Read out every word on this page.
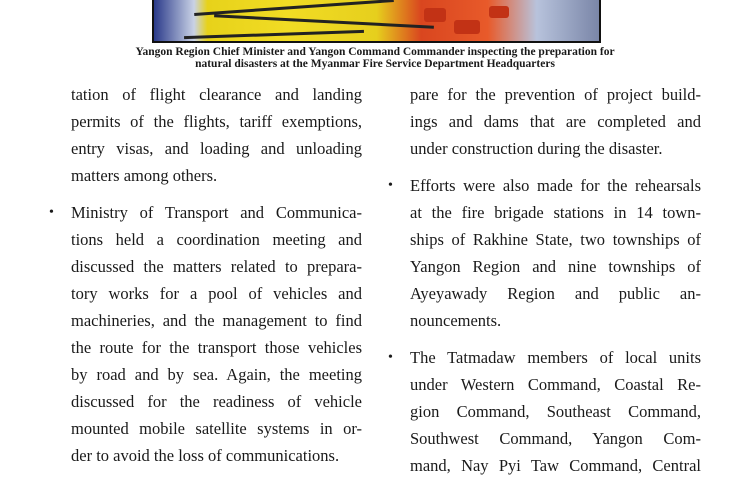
Yangon Region Chief Minister and Yangon Command Commander inspecting the preparation for
natural disasters at the Myanmar Fire Service Department Headquarters
tation of flight clearance and landing
permits of the flights, tariff exemptions,
entry visas, and loading and unloading
matters among others.
• Ministry of Transport and Communica-
tions held a coordination meeting and
discussed the matters related to prepara-
tory works for a pool of vehicles and
machineries, and the management to find
the route for the transport those vehicles
by road and by sea. Again, the meeting
discussed for the readiness of vehicle
mounted mobile satellite systems in or-
der to avoid the loss of communications.
pare for the prevention of project build-
ings and dams that are completed and
under construction during the disaster.
• Efforts were also made for the rehearsals
at the fire brigade stations in 14 town-
ships of Rakhine State, two townships of
Yangon Region and nine townships of
Ayeyawady Region and public an-
nouncements.
• The Tatmadaw members of local units
under Western Command, Coastal Re-
gion Command, Southeast Command,
Southwest Command, Yangon Com-
mand, Nay Pyi Taw Command, Central
